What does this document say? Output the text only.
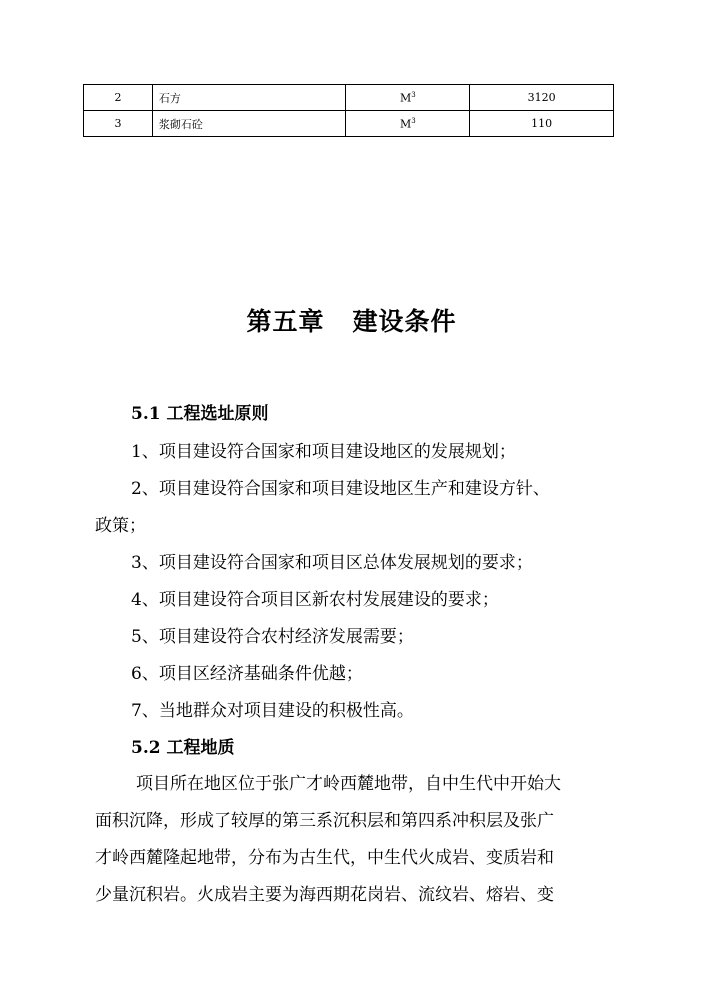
2	石方	$M^3$	3120
3	浆砌石砼	$M^3$	110
第五章 建设条件
5.1 工程选址原则
1、项目建设符合国家和项目建设地区的发展规划；
2、项目建设符合国家和项目建设地区生产和建设方针、
政策；
3、项目建设符合国家和项目区总体发展规划的要求；
4、项目建设符合项目区新农村发展建设的要求；
5、项目建设符合农村经济发展需要；
6、项目区经济基础条件优越；
7、当地群众对项目建设的积极性高。
5.2 工程地质
项目所在地区位于张广才岭西麓地带，自中生代中开始大
面积沉降，形成了较厚的第三系沉积层和第四系冲积层及张广
才岭西麓隆起地带，分布为古生代，中生代火成岩、变质岩和
少量沉积岩。火成岩主要为海西期花岗岩、流纹岩、熔岩、变
